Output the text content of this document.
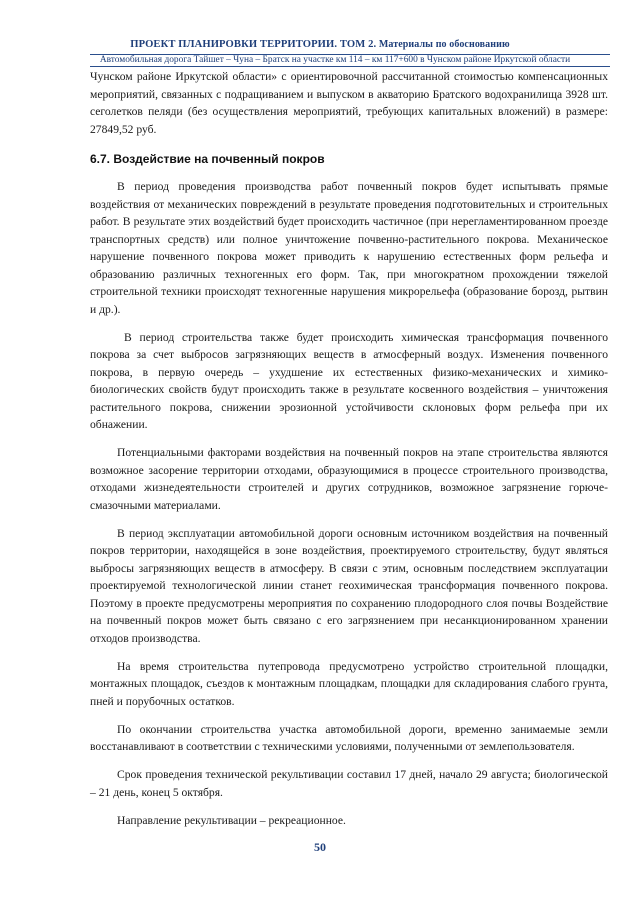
ПРОЕКТ ПЛАНИРОВКИ ТЕРРИТОРИИ. ТОМ 2. Материалы по обоснованию
Автомобильная дорога Тайшет – Чуна – Братск на участке км 114 – км 117+600 в Чунском районе Иркутской области

Чунском районе Иркутской области» с ориентировочной рассчитанной стоимостью компенсационных мероприятий, связанных с подращиванием и выпуском в акваторию Братского водохранилища 3928 шт. сеголетков пеляди (без осуществления мероприятий, требующих капитальных вложений) в размере: 27849,52 руб.

6.7. Воздействие на почвенный покров

В период проведения производства работ почвенный покров будет испытывать прямые воздействия от механических повреждений в результате проведения подготовительных и строительных работ. В результате этих воздействий будет происходить частичное (при нерегламентированном проезде транспортных средств) или полное уничтожение почвенно-растительного покрова. Механическое нарушение почвенного покрова может приводить к нарушению естественных форм рельефа и образованию различных техногенных его форм. Так, при многократном прохождении тяжелой строительной техники происходят техногенные нарушения микрорельефа (образование борозд, рытвин и др.).

В период строительства также будет происходить химическая трансформация почвенного покрова за счет выбросов загрязняющих веществ в атмосферный воздух. Изменения почвенного покрова, в первую очередь – ухудшение их естественных физико-механических и химико-биологических свойств будут происходить также в результате косвенного воздействия – уничтожения растительного покрова, снижении эрозионной устойчивости склоновых форм рельефа при их обнажении.

Потенциальными факторами воздействия на почвенный покров на этапе строительства являются возможное засорение территории отходами, образующимися в процессе строительного производства, отходами жизнедеятельности строителей и других сотрудников, возможное загрязнение горюче-смазочными материалами.

В период эксплуатации автомобильной дороги основным источником воздействия на почвенный покров территории, находящейся в зоне воздействия, проектируемого строительству, будут являться выбросы загрязняющих веществ в атмосферу. В связи с этим, основным последствием эксплуатации проектируемой технологической линии станет геохимическая трансформация почвенного покрова. Поэтому в проекте предусмотрены мероприятия по сохранению плодородного слоя почвы Воздействие на почвенный покров может быть связано с его загрязнением при несанкционированном хранении отходов производства.

На время строительства путепровода предусмотрено устройство строительной площадки, монтажных площадок, съездов к монтажным площадкам, площадки для складирования слабого грунта, пней и порубочных остатков.

По окончании строительства участка автомобильной дороги, временно занимаемые земли восстанавливают в соответствии с техническими условиями, полученными от землепользователя.

Срок проведения технической рекультивации составил 17 дней, начало 29 августа; биологической – 21 день, конец 5 октября.

Направление рекультивации – рекреационное.

50
